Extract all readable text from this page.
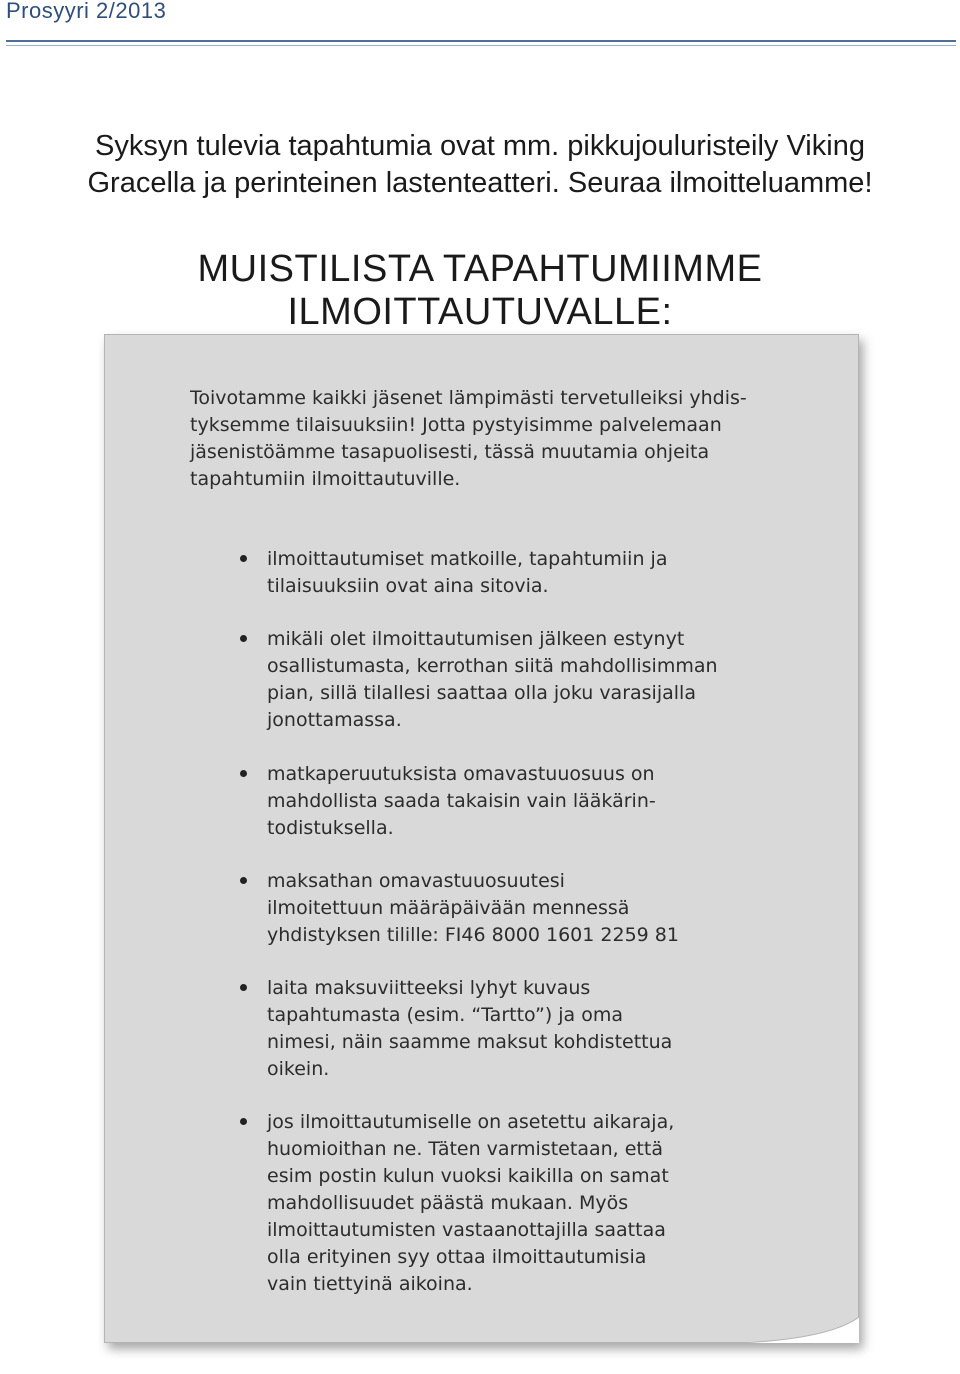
Prosyyri 2/2013
Syksyn tulevia tapahtumia ovat mm. pikkujouluristeily Viking
Gracella ja perinteinen lastenteatteri. Seuraa ilmoitteluamme!
MUISTILISTA TAPAHTUMIIMME ILMOITTAUTUVALLE:
Toivotamme kaikki jäsenet lämpimästi tervetulleiksi yhdis-
tyksemme tilaisuuksiin! Jotta pystyisimme palvelemaan
jäsenistöämme tasapuolisesti, tässä muutamia ohjeita
tapahtumiin ilmoittautuville.
ilmoittautumiset matkoille, tapahtumiin ja
tilaisuuksiin ovat aina sitovia.
mikäli olet ilmoittautumisen jälkeen estynyt
osallistumasta, kerrothan siitä mahdollisimman
pian, sillä tilallesi saattaa olla joku varasijalla
jonottamassa.
matkaperuutuksista omavastuuosuus on
mahdollista saada takaisin vain lääkärin-
todistuksella.
maksathan omavastuuosuutesi
ilmoitettuun määräpäivään mennessä
yhdistyksen tilille: FI46 8000 1601 2259 81
laita maksuviitteeksi lyhyt kuvaus
tapahtumasta (esim. “Tartto”) ja oma
nimesi, näin saamme maksut kohdistettua
oikein.
jos ilmoittautumiselle on asetettu aikaraja,
huomioithan ne. Täten varmistetaan, että
esim postin kulun vuoksi kaikilla on samat
mahdollisuudet päästä mukaan. Myös
ilmoittautumisten vastaanottajilla saattaa
olla erityinen syy ottaa ilmoittautumisia
vain tiettyinä aikoina.
